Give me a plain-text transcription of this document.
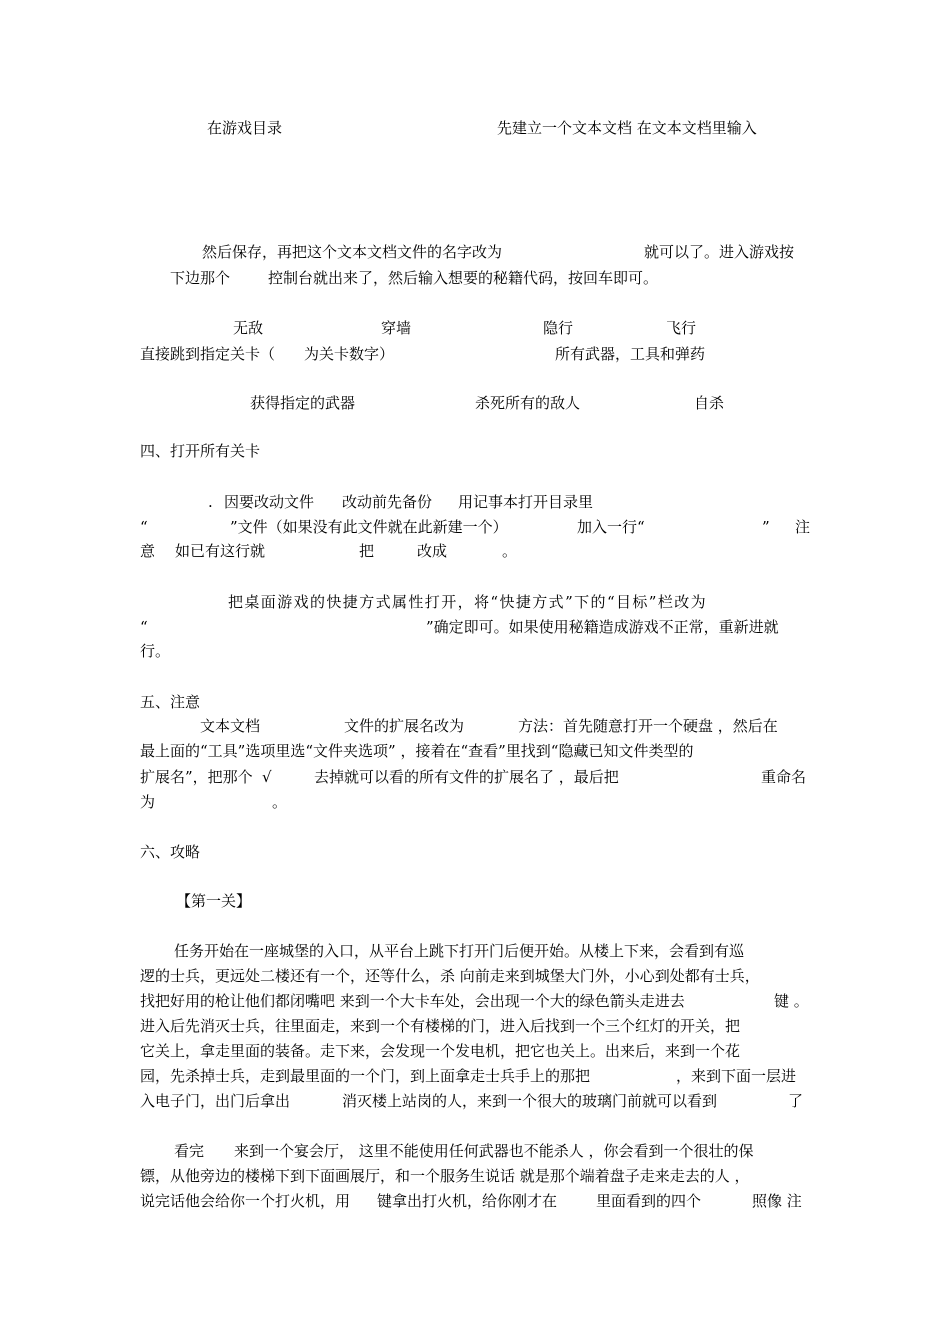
在游戏目录	先建立一个文本文档 在文本文档里输入
然后保存，再把这个文本文档文件的名字改为	就可以了。进入游戏按
下边那个	控制台就出来了，然后输入想要的秘籍代码，按回车即可。
无敌	穿墙	隐行	飞行
直接跳到指定关卡（ 为关卡数字）	所有武器，工具和弹药
获得指定的武器	杀死所有的敌人	自杀
四、打开所有关卡
. 因要改动文件 改动前先备份 用记事本打开目录里
“	”文件（如果没有此文件就在此新建一个）	加入一行“	” 注
意 如已有这行就	把	改成	。
把桌面游戏的快捷方式属性打开，将“快捷方式”下的“目标”栏改为
“	”确定即可。如果使用秘籍造成游戏不正常，重新进就
行。
五、注意
文本文档	文件的扩展名改为	方法：首先随意打开一个硬盘 ，然后在
最上面的“工具”选项里选“文件夹选项” ，接着在“查看”里找到“隐藏已知文件类型的
扩展名”，把那个 √	去掉就可以看的所有文件的扩展名了 ，最后把	重命名
为	。
六、攻略
【第一关】
任务开始在一座城堡的入口，从平台上跳下打开门后便开始。从楼上下来，会看到有巡
逻的士兵，更远处二楼还有一个，还等什么，杀 向前走来到城堡大门外，小心到处都有士兵，
找把好用的枪让他们都闭嘴吧 来到一个大卡车处，会出现一个大的绿色箭头走进去	键 。
进入后先消灭士兵，往里面走，来到一个有楼梯的门，进入后找到一个三个红灯的开关，把
它关上，拿走里面的装备。走下来，会发现一个发电机，把它也关上。出来后，来到一个花
园，先杀掉士兵，走到最里面的一个门，到上面拿走士兵手上的那把	，来到下面一层进
入电子门，出门后拿出	消灭楼上站岗的人，来到一个很大的玻璃门前就可以看到	了
看完 来到一个宴会厅， 这里不能使用任何武器也不能杀人 ，你会看到一个很壮的保
镖，从他旁边的楼梯下到下面画展厅，和一个服务生说话 就是那个端着盘子走来走去的人 ，
说完话他会给你一个打火机，用 键拿出打火机，给你刚才在	里面看到的四个	照像 注
